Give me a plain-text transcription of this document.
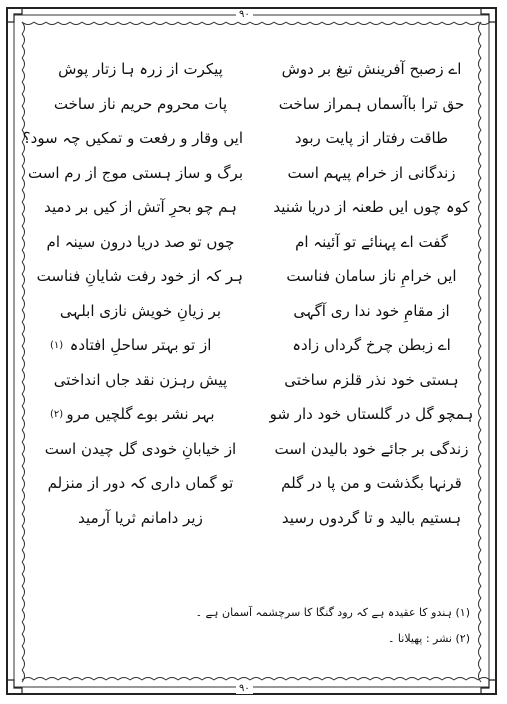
۹۰
۹۰
اے زصبح آفرینش تیغ بر دوش
پیکرت از زرہ ہا زتار پوش
حق ترا باآسماں ہمراز ساخت
پات محروم حریم ناز ساخت
طاقت رفتار از پایت ربود
ایں وقار و رفعت و تمکیں چہ سود؟
زندگانی از خرام پیہم است
برگ و ساز ہستی موج از رم است
کوہ چوں ایں طعنہ از دریا شنید
ہم چو بحرِ آتش از کیں بر دمید
گفت اے پہنائے تو آئینہ ام
چوں تو صد دریا درون سینہ ام
ایں خرامِ ناز سامان فناست
ہر کہ از خود رفت شایانِ فناست
از مقامِ خود ندا ری آگہی
بر زیانِ خویش نازی ابلہی
اے زبطن چرخ گرداں زادہ
از تو بہتر ساحلِ افتادہ
(۱)
ہستی خود نذر قلزم ساختی
پیش رہزن نقد جاں انداختی
ہمچو گل در گلستاں خود دار شو
بہر نشر بوے گلچیں مرو
(۲)
زندگی بر جائے خود بالیدن است
از خیابانِ خودی گل چیدن است
قرنہا بگذشت و من پا در گلم
تو گماں داری کہ دور از منزلم
ہستیم بالید و تا گردوں رسید
زیر دامانم ثریا آرمید
(۱) ہندو کا عقیدہ ہے کہ رود گنگا کا سرچشمہ آسمان ہے ۔
(۲) نشر : پھیلانا ۔
